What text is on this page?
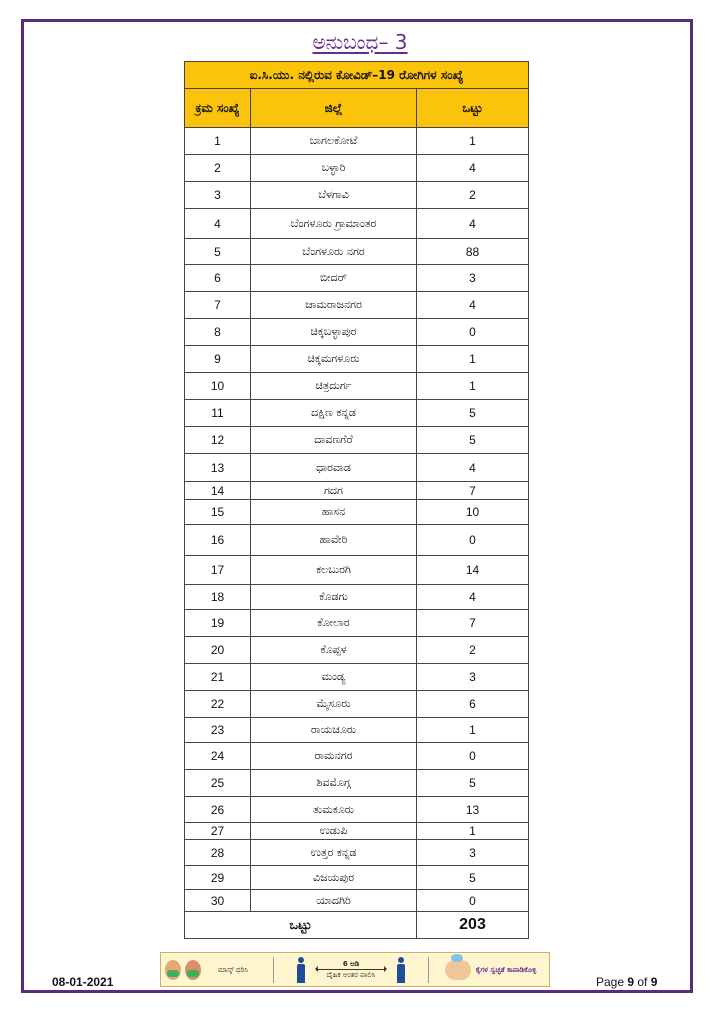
ಅನುಬಂಧ– 3
ಐ.ಸಿ.ಯು. ನಲ್ಲಿರುವ ಕೋವಿಡ್–19 ರೋಗಿಗಳ ಸಂಖ್ಯೆ		
ಕ್ರಮ ಸಂಖ್ಯೆ	ಜಿಲ್ಲೆ	ಒಟ್ಟು
1	ಬಾಗಲಕೋಟೆ	1
2	ಬಳ್ಳಾರಿ	4
3	ಬೆಳಗಾವಿ	2
4	ಬೆಂಗಳೂರು ಗ್ರಾಮಾಂತರ	4
5	ಬೆಂಗಳೂರು ನಗರ	88
6	ಬೀದರ್	3
7	ಚಾಮರಾಜನಗರ	4
8	ಚಿಕ್ಕಬಳ್ಳಾಪುರ	0
9	ಚಿಕ್ಕಮಗಳೂರು	1
10	ಚಿತ್ರದುರ್ಗ	1
11	ದಕ್ಷಿಣ ಕನ್ನಡ	5
12	ದಾವಣಗೆರೆ	5
13	ಧಾರವಾಡ	4
14	ಗದಗ	7
15	ಹಾಸನ	10
16	ಹಾವೇರಿ	0
17	ಕಲಬುರಗಿ	14
18	ಕೊಡಗು	4
19	ಕೋಲಾರ	7
20	ಕೊಪ್ಪಳ	2
21	ಮಂಡ್ಯ	3
22	ಮೈಸೂರು	6
23	ರಾಯಚೂರು	1
24	ರಾಮನಗರ	0
25	ಶಿವಮೊಗ್ಗ	5
26	ತುಮಕೂರು	13
27	ಉಡುಪಿ	1
28	ಉತ್ತರ ಕನ್ನಡ	3
29	ವಿಜಯಪುರ	5
30	ಯಾದಗಿರಿ	0
ಒಟ್ಟು		203
08-01-2021	Page 9 of 9
ಮಾಸ್ಕ್ ಧರಿಸಿ
6 ಅಡಿ
ದೈಹಿಕ ಅಂತರ ಪಾಲಿಸಿ
ಕೈಗಳ ಸ್ವಚ್ಛತೆ ಕಾಪಾಡಿಕೊಳ್ಳಿ
